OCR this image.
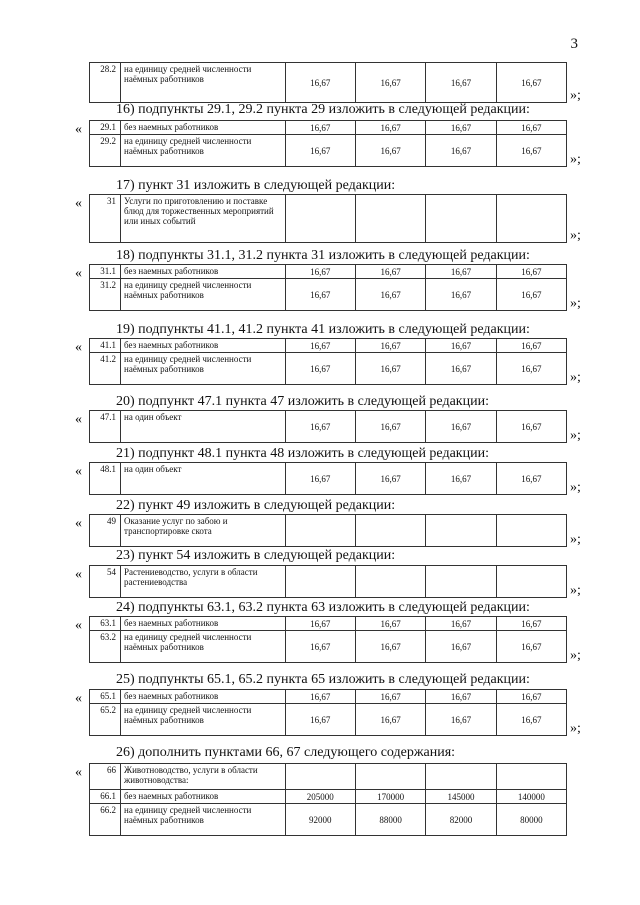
3
28.2	на единицу средней численности наёмных работников	16,67	16,67	16,67	16,67
»;
16) подпункты 29.1, 29.2 пункта 29 изложить в следующей редакции:
« 29.1	без наемных работников	16,67	16,67	16,67	16,67
29.2	на единицу средней численности наёмных работников	16,67	16,67	16,67	16,67
»;
17) пункт 31 изложить в следующей редакции:
«	31	Услуги по приготовлению и поставке блюд для торжественных мероприятий или иных событий				
»;
18) подпункты 31.1, 31.2 пункта 31 изложить в следующей редакции:
« 31.1	без наемных работников	16,67	16,67	16,67	16,67
31.2	на единицу средней численности наёмных работников	16,67	16,67	16,67	16,67
»;
19) подпункты 41.1, 41.2 пункта 41 изложить в следующей редакции:
« 41.1	без наемных работников	16,67	16,67	16,67	16,67
41.2	на единицу средней численности наёмных работников	16,67	16,67	16,67	16,67
»;
20) подпункт 47.1 пункта 47 изложить в следующей редакции:
« 47.1	на один объект	16,67	16,67	16,67	16,67
»;
21) подпункт 48.1 пункта 48 изложить в следующей редакции:
« 48.1	на один объект	16,67	16,67	16,67	16,67
»;
22) пункт 49 изложить в следующей редакции:
«	49	Оказание услуг по забою и транспортировке скота				
»;
23) пункт 54 изложить в следующей редакции:
«	54	Растениеводство, услуги в области растениеводства				
»;
24) подпункты 63.1, 63.2 пункта 63 изложить в следующей редакции:
« 63.1	без наемных работников	16,67	16,67	16,67	16,67
63.2	на единицу средней численности наёмных работников	16,67	16,67	16,67	16,67
»;
25) подпункты 65.1, 65.2 пункта 65 изложить в следующей редакции:
« 65.1	без наемных работников	16,67	16,67	16,67	16,67
65.2	на единицу средней численности наёмных работников	16,67	16,67	16,67	16,67
»;
26) дополнить пунктами 66, 67 следующего содержания:
«	66	Животноводство, услуги в области животноводства:				
66.1	без наемных работников	205000	170000	145000	140000
66.2	на единицу средней численности наёмных работников	92000	88000	82000	80000
